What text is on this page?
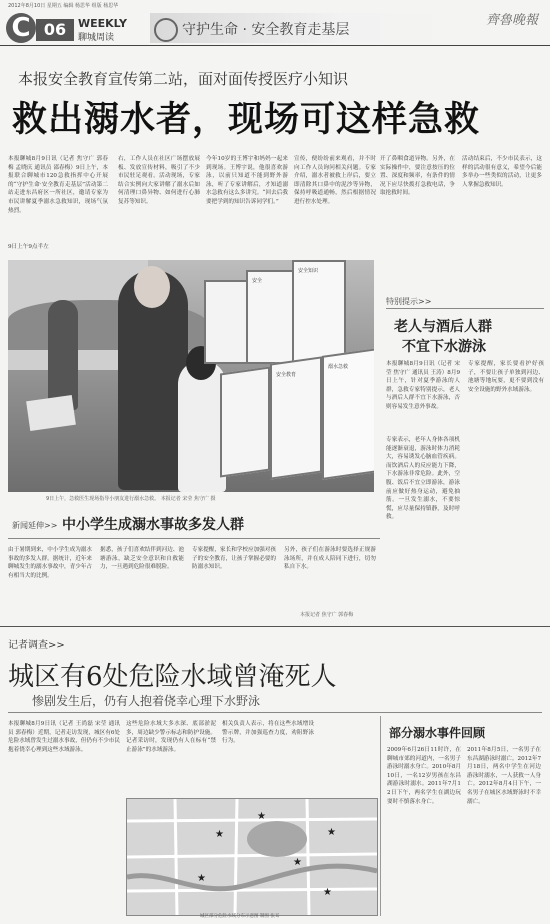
2012年8月10日 星期五 编辑 杨思华 组版 杨思华
C 06	WEEKLY
聊城周读	守护生命 · 安全教育走基层
齊魯晚報
本报安全教育宣传第二站，面对面传授医疗小知识
救出溺水者，现场可这样急救
本报聊城8月9日讯（记者 焦守广 郭春梅 孟晓庆 通讯员 邵春梅）9日上午，本报联合聊城市120急救指挥中心开展的“守护生命·安全教育走基层”活动第二站走进东昌府区一所社区，邀请专家为市民讲解夏季溺水急救知识，现场气氛热烈。
9日上午9点半左
右，工作人员在社区广场摆放展板、发放宣传材料，吸引了不少市民驻足观看。活动现场，专家结合实例向大家讲解了溺水后如何清理口鼻异物、如何进行心肺复苏等知识。
今年10岁的王博宇和妈妈一起来到现场。王博宇说，他很喜欢游泳，以前只知道不能到野外游泳，听了专家讲解后，才知道溺水急救有这么多讲究。“回去后我要把学到的知识告诉同学们。”
宣传，便纷纷前来观看，并不时向工作人员询问相关问题。专家介绍，溺水者被救上岸后，要立即清除其口鼻中的泥沙等异物，保持呼吸道通畅，然后根据情况进行控水处理。
开了鼻咽食道异物。另外，在实际操作中，要注意按压的位置、深度和频率，有条件的情况下应尽快拨打急救电话，争取抢救时间。
活动结束后，不少市民表示，这样的活动很有意义，希望今后能多举办一些类似的活动，让更多人掌握急救知识。
安全知识
安全教育
溺水急救
安全
9日上午，急救医生现场指导小朋友进行溺水急救。 本报记者 宋莹 焦守广 摄
特别提示>>
老人与酒后人群
不宜下水游泳
本报聊城8月9日讯（记者 宋莹 焦守广 通讯员 王涛）8月9日上午，针对夏季游泳的人群，急救专家特别提示，老人与酒后人群不宜下水游泳，否则容易发生意外事故。
专家表示，老年人身体各项机能逐渐衰退，游泳时体力消耗大，容易诱发心脑血管疾病。而饮酒后人的反应能力下降，下水游泳非常危险。此外，空腹、饭后不宜立即游泳，游泳前应做好热身运动，避免抽筋。一旦发生溺水，不要惊慌，应尽量保持镇静，及时呼救。
专家提醒，家长要看护好孩子，不要让孩子单独到河边、池塘等地玩耍，更不要到没有安全设施的野外水域游泳。
新闻延伸>> 中小学生成溺水事故多发人群
由于暑期到来，中小学生成为溺水事故的多发人群。据统计，近年来聊城发生的溺水事故中，青少年占有相当大的比例。
据悉，孩子们喜欢结伴到河边、池塘游泳，缺乏安全意识和自救能力，一旦遇到危险很难脱险。
专家提醒，家长和学校应加强对孩子的安全教育，让孩子掌握必要的防溺水知识。
另外，孩子们在游泳时要选择正规游泳场所，并在成人陪同下进行，切勿私自下水。
本报记者 焦守广 郭春梅
记者调查>>
城区有6处危险水域曾淹死人
惨剧发生后，仍有人抱着侥幸心理下水野泳
本报聊城8月9日讯（记者 王尚磊 宋莹 通讯员 郭春梅）近期，记者走访发现，城区有6处危险水域曾发生过溺水事故，但仍有不少市民抱着侥幸心理到这些水域游泳。
这些危险水域大多水深、底部淤泥多，周边缺少警示标志和防护设施。记者采访时，发现仍有人在标有“禁止游泳”的水域游泳。
相关负责人表示，将在这些水域增设警示牌，并加强巡查力度，劝阻野泳行为。
★
★
★
★
★
★
城区部分危险水域分布示意图 制图 张耳
部分溺水事件回顾
2009年6月26日11时许，在聊城市郊的河道内，一名男子游泳时溺水身亡。2010年8月10日，一名12岁男孩在东昌湖游泳时溺水。2011年7月12日下午，两名学生在湖边玩耍时不慎落水身亡。
2011年8月5日，一名男子在东昌湖游泳时溺亡。2012年7月18日，两名中学生在河边游泳时溺水，一人获救一人身亡。2012年8月4日下午，一名男子在城区水域野泳时不幸溺亡。
